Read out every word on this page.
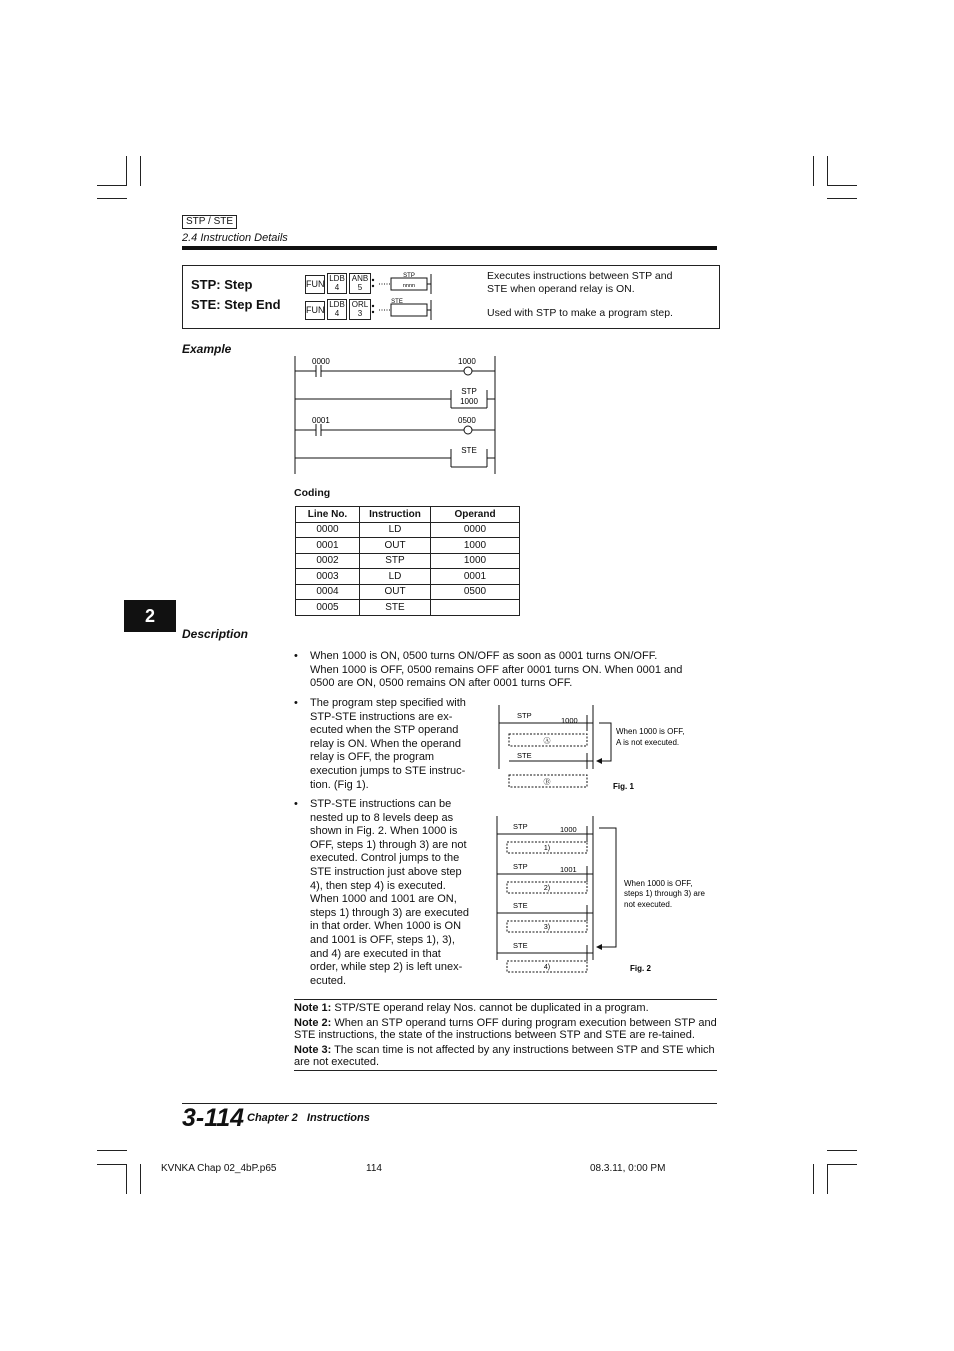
STP / STE
2.4 Instruction Details
STP: Step
STE: Step End
FUN
LDB
4
ANB
5
FUN
LDB
4
ORL
3
STP
nnnn
STE
Executes instructions between STP and
STE when operand relay is ON.
Used with STP to make a program step.
Example
0000	1000
STP
1000
0001	0500
STE
Coding
Line No.	Instruction	Operand
0000	LD	0000
0001	OUT	1000
0002	STP	1000
0003	LD	0001
0004	OUT	0500
0005	STE	
2
Description
• When 1000 is ON, 0500 turns ON/OFF as soon as 0001 turns ON/OFF.
When 1000 is OFF, 0500 remains OFF after 0001 turns ON. When 0001 and
0500 are ON, 0500 remains ON after 0001 turns OFF.
• The program step specified with
STP-STE instructions are ex-
ecuted when the STP operand
relay is ON. When the operand
relay is OFF, the program
execution jumps to STE instruc-
tion. (Fig 1).
• STP-STE instructions can be
nested up to 8 levels deep as
shown in Fig. 2. When 1000 is
OFF, steps 1) through 3) are not
executed. Control jumps to the
STE instruction just above step
4), then step 4) is executed.
When 1000 and 1001 are ON,
steps 1) through 3) are executed
in that order. When 1000 is ON
and 1001 is OFF, steps 1), 3),
and 4) are executed in that
order, while step 2) is left unex-
ecuted.
STP
1000
Ⓐ
STE
Ⓑ
When 1000 is OFF,
A is not executed.
Fig. 1
STP	1000
1)
STP	1001
2)
STE
3)
STE
4)
When 1000 is OFF,
steps 1) through 3) are
not executed.
Fig. 2

Note 1: STP/STE operand relay Nos. cannot be duplicated in a program.

Note 2: When an STP operand turns OFF during program execution between STP and STE instructions, the state of the instructions between STP and STE are re-tained.

Note 3: The scan time is not affected by any instructions between STP and STE which are not executed.

3-114 Chapter 2   Instructions
KVNKA Chap 02_4bP.p65	114	08.3.11, 0:00 PM
